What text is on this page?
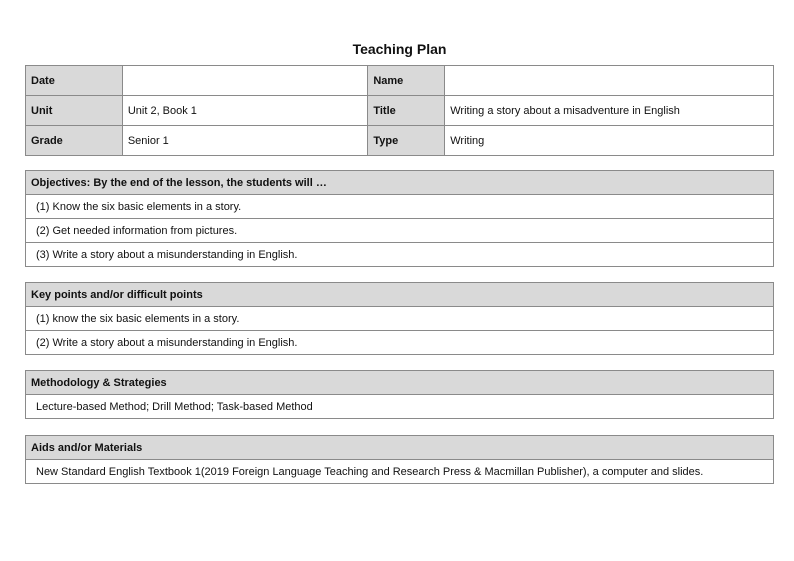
Teaching Plan
Date		Name	
Unit	Unit 2, Book 1	Title	Writing a story about a misadventure in English
Grade	Senior 1	Type	Writing
Objectives: By the end of the lesson, the students will …
(1) Know the six basic elements in a story.
(2) Get needed information from pictures.
(3) Write a story about a misunderstanding in English.
Key points and/or difficult points
(1) know the six basic elements in a story.
(2) Write a story about a misunderstanding in English.
Methodology & Strategies
Lecture-based Method; Drill Method; Task-based Method
Aids and/or Materials
New Standard English Textbook 1(2019 Foreign Language Teaching and Research Press & Macmillan Publisher), a computer and slides.
